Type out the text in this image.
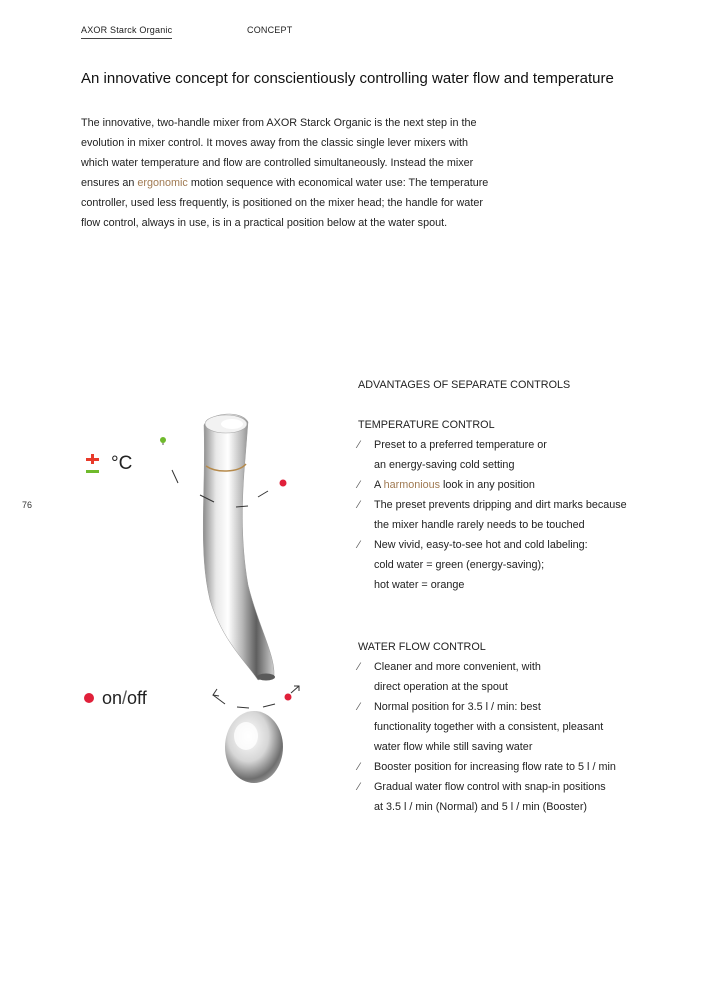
AXOR Starck Organic	CONCEPT
An innovative concept for conscientiously controlling water flow and temperature

The innovative, two-handle mixer from AXOR Starck Organic is the next step in the

evolution in mixer control. It moves away from the classic single lever mixers with

which water temperature and flow are controlled simultaneously. Instead the mixer

ensures an ergonomic motion sequence with economical water use: The temperature

controller, used less frequently, is positioned on the mixer head; the handle for water

flow control, always in use, is in a practical position below at the water spout.

76
°C
on/off
ADVANTAGES OF SEPARATE CONTROLS
TEMPERATURE CONTROL
⁄ Preset to a preferred temperature or
an energy-saving cold setting
⁄ A harmonious look in any position
⁄ The preset prevents dripping and dirt marks because
the mixer handle rarely needs to be touched
⁄ New vivid, easy-to-see hot and cold labeling:
cold water = green (energy-saving);
hot water = orange
WATER FLOW CONTROL
⁄ Cleaner and more convenient, with
direct operation at the spout
⁄ Normal position for 3.5 l / min: best
functionality together with a consistent, pleasant
water flow while still saving water
⁄ Booster position for increasing flow rate to 5 l / min
⁄ Gradual water flow control with snap-in positions
at 3.5 l / min (Normal) and 5 l / min (Booster)
